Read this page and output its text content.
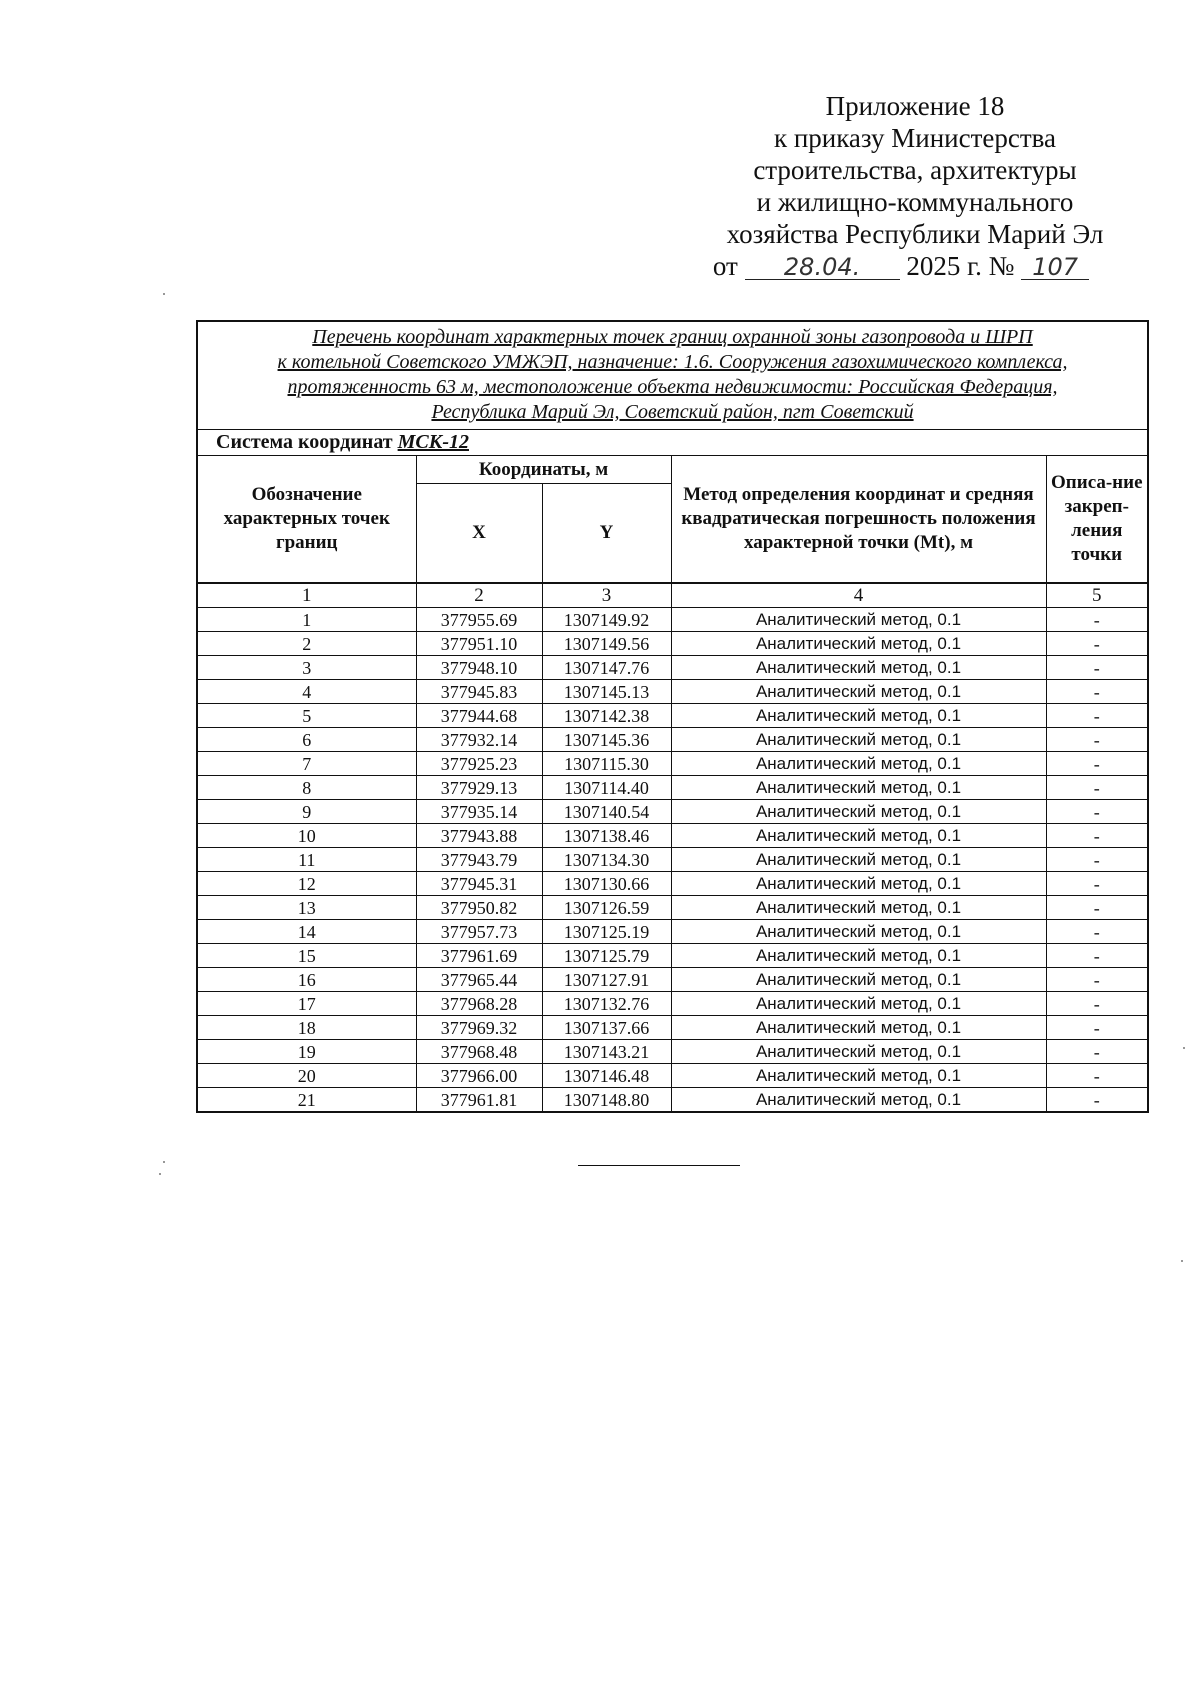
Приложение 18
к приказу Министерства
строительства, архитектуры
и жилищно-коммунального
хозяйства Республики Марий Эл
от 28.04. 2025 г. № 107
Перечень координат характерных точек границ охранной зоны газопровода и ШРП
к котельной Советского УМЖЭП, назначение: 1.6. Сооружения газохимического комплекса,
протяженность 63 м, местоположение объекта недвижимости: Российская Федерация,
Республика Марий Эл, Советский район, пгт Советский				

Система координат МСК-12				
Обозначение характерных точек границ	Координаты, м		Метод определения координат и средняя квадратическая погрешность положения характерной точки (Mt), м	Описа-ние закреп-ления точки
	X	Y		
1	2	3	4	5
1	377955.69	1307149.92	Аналитический метод, 0.1	-
2	377951.10	1307149.56	Аналитический метод, 0.1	-
3	377948.10	1307147.76	Аналитический метод, 0.1	-
4	377945.83	1307145.13	Аналитический метод, 0.1	-
5	377944.68	1307142.38	Аналитический метод, 0.1	-
6	377932.14	1307145.36	Аналитический метод, 0.1	-
7	377925.23	1307115.30	Аналитический метод, 0.1	-
8	377929.13	1307114.40	Аналитический метод, 0.1	-
9	377935.14	1307140.54	Аналитический метод, 0.1	-
10	377943.88	1307138.46	Аналитический метод, 0.1	-
11	377943.79	1307134.30	Аналитический метод, 0.1	-
12	377945.31	1307130.66	Аналитический метод, 0.1	-
13	377950.82	1307126.59	Аналитический метод, 0.1	-
14	377957.73	1307125.19	Аналитический метод, 0.1	-
15	377961.69	1307125.79	Аналитический метод, 0.1	-
16	377965.44	1307127.91	Аналитический метод, 0.1	-
17	377968.28	1307132.76	Аналитический метод, 0.1	-
18	377969.32	1307137.66	Аналитический метод, 0.1	-
19	377968.48	1307143.21	Аналитический метод, 0.1	-
20	377966.00	1307146.48	Аналитический метод, 0.1	-
21	377961.81	1307148.80	Аналитический метод, 0.1	-
